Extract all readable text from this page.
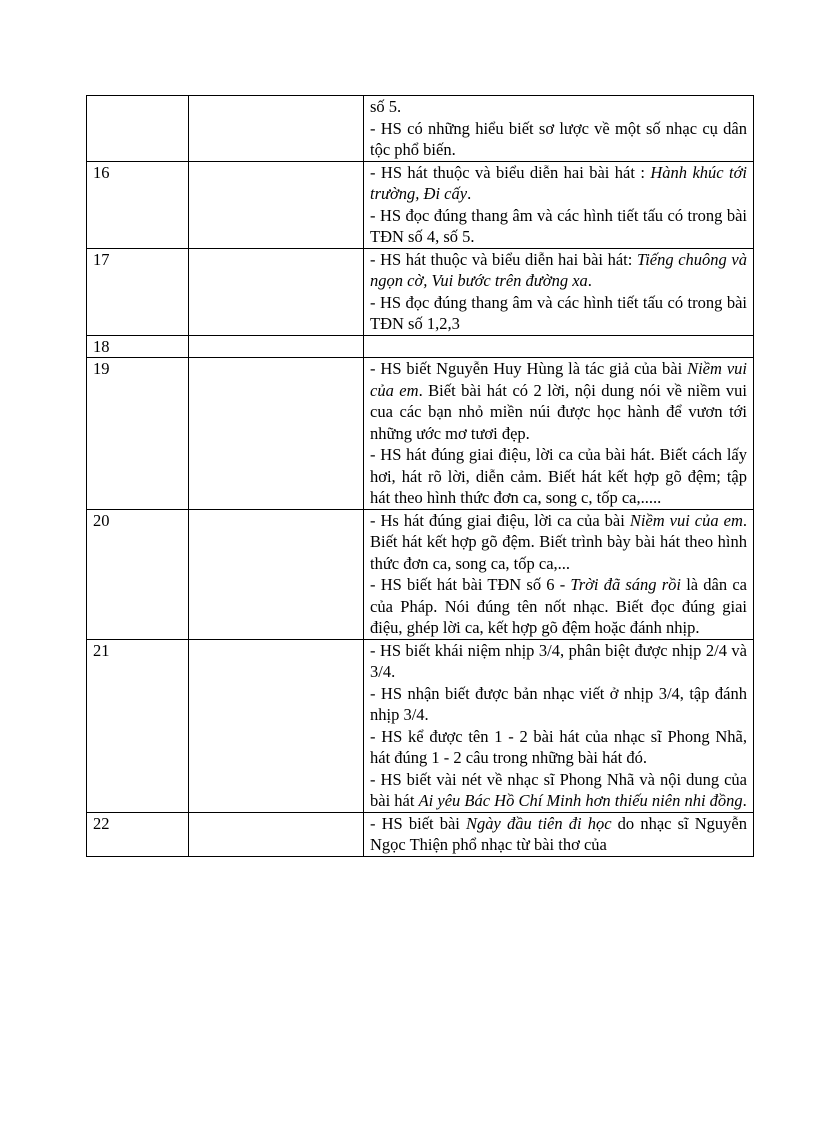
		số 5.
- HS có những hiểu biết sơ lược về một số nhạc cụ dân tộc phổ biến.

16		- HS hát thuộc và biểu diễn hai bài hát : Hành khúc tới trường, Đi cấy.
- HS đọc đúng thang âm và các hình tiết tấu có trong bài TĐN số 4, số 5.

17		- HS hát thuộc và biểu diễn hai bài hát: Tiếng chuông và ngọn cờ, Vui bước trên đường xa.
- HS đọc đúng thang âm và các hình tiết tấu có trong bài TĐN số 1,2,3

18		
19		- HS biết Nguyễn Huy Hùng là tác giả của bài Niềm vui của em. Biết bài hát có 2 lời, nội dung nói về niềm vui cua các bạn nhỏ miền núi được học hành để vươn tới những ước mơ tươi đẹp.
- HS hát đúng giai điệu, lời ca của bài hát. Biết cách lấy hơi, hát rõ lời, diễn cảm. Biết hát kết hợp gõ đệm; tập hát theo hình thức đơn ca, song c, tốp ca,.....

20		- Hs hát đúng giai điệu, lời ca của bài Niềm vui của em. Biết hát kết hợp gõ đệm. Biết trình bày bài hát theo hình thức đơn ca, song ca, tốp ca,...
- HS biết hát bài TĐN số 6 - Trời đã sáng rồi là dân ca của Pháp. Nói đúng tên nốt nhạc. Biết đọc đúng giai điệu, ghép lời ca, kết hợp gõ đệm hoặc đánh nhịp.

21		- HS biết khái niệm nhịp 3/4, phân biệt được nhịp 2/4 và 3/4.
- HS nhận biết được bản nhạc viết ở nhịp 3/4, tập đánh nhịp 3/4.
- HS kể được tên 1 - 2 bài hát của nhạc sĩ Phong Nhã, hát đúng 1 - 2 câu trong những bài hát đó.
- HS biết vài nét về nhạc sĩ Phong Nhã và nội dung của bài hát Ai yêu Bác Hồ Chí Minh hơn thiếu niên nhi đồng.

22		- HS biết bài Ngày đầu tiên đi học do nhạc sĩ Nguyễn Ngọc Thiện phổ nhạc từ bài thơ của
